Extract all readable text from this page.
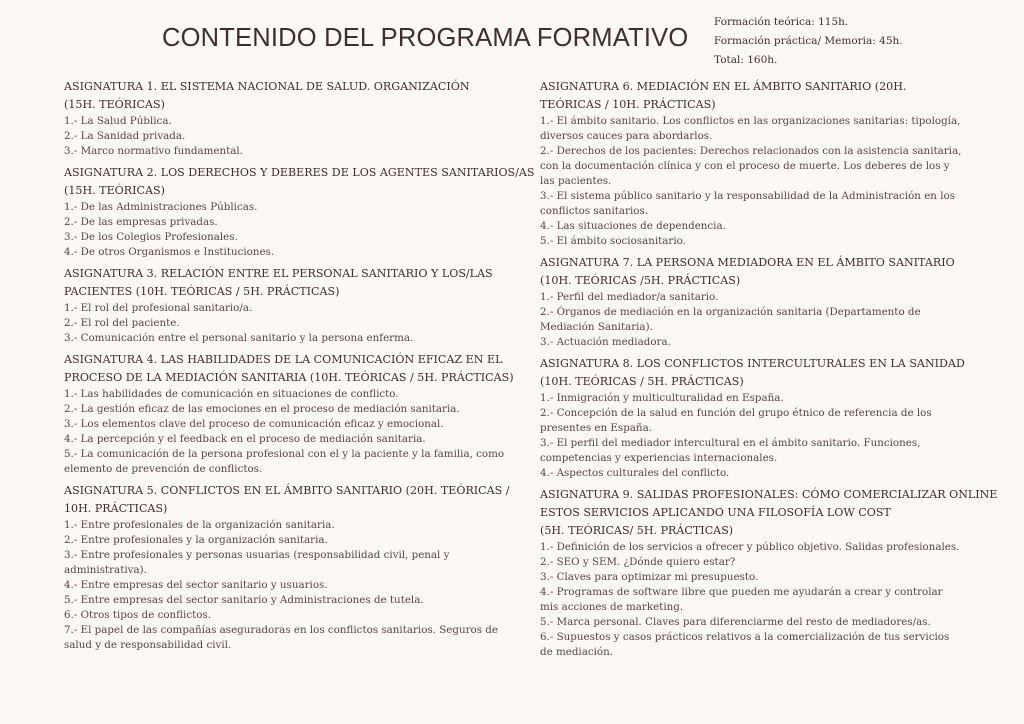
CONTENIDO DEL PROGRAMA FORMATIVO
Formación teórica: 115h.
Formación práctica/ Memoria: 45h.
Total: 160h.
ASIGNATURA 1. EL SISTEMA NACIONAL DE SALUD. ORGANIZACIÓN
(15H. TEÓRICAS)
1.- La Salud Pública.
2.- La Sanidad privada.
3.- Marco normativo fundamental.
ASIGNATURA 2. LOS DERECHOS Y DEBERES DE LOS AGENTES SANITARIOS/AS
(15H. TEÓRICAS)
1.- De las Administraciones Públicas.
2.- De las empresas privadas.
3.- De los Colegios Profesionales.
4.- De otros Organismos e Instituciones.
ASIGNATURA 3. RELACIÓN ENTRE EL PERSONAL SANITARIO Y LOS/LAS
PACIENTES (10H. TEÓRICAS / 5H. PRÁCTICAS)
1.- El rol del profesional sanitario/a.
2.- El rol del paciente.
3.- Comunicación entre el personal sanitario y la persona enferma.
ASIGNATURA 4. LAS HABILIDADES DE LA COMUNICACIÓN EFICAZ EN EL
PROCESO DE LA MEDIACIÓN SANITARIA (10H. TEÓRICAS / 5H. PRÁCTICAS)
1.- Las habilidades de comunicación en situaciones de conflicto.
2.- La gestión eficaz de las emociones en el proceso de mediación sanitaria.
3.- Los elementos clave del proceso de comunicación eficaz y emocional.
4.- La percepción y el feedback en el proceso de mediación sanitaria.
5.- La comunicación de la persona profesional con el y la paciente y la familia, como elemento de prevención de conflictos.
ASIGNATURA 5. CONFLICTOS EN EL ÁMBITO SANITARIO (20H. TEÓRICAS /
10H. PRÁCTICAS)
1.- Entre profesionales de la organización sanitaria.
2.- Entre profesionales y la organización sanitaria.
3.- Entre profesionales y personas usuarias (responsabilidad civil, penal y administrativa).
4.- Entre empresas del sector sanitario y usuarios.
5.- Entre empresas del sector sanitario y Administraciones de tutela.
6.- Otros tipos de conflictos.
7.- El papel de las compañías aseguradoras en los conflictos sanitarios. Seguros de salud y de responsabilidad civil.
ASIGNATURA 6. MEDIACIÓN EN EL ÁMBITO SANITARIO (20H.
TEÓRICAS / 10H. PRÁCTICAS)
1.- El ámbito sanitario. Los conflictos en las organizaciones sanitarias: tipología, diversos cauces para abordarlos.
2.- Derechos de los pacientes: Derechos relacionados con la asistencia sanitaria, con la documentación clínica y con el proceso de muerte. Los deberes de los y las pacientes.
3.- El sistema público sanitario y la responsabilidad de la Administración en los conflictos sanitarios.
4.- Las situaciones de dependencia.
5.- El ámbito sociosanitario.
ASIGNATURA 7. LA PERSONA MEDIADORA EN EL ÁMBITO SANITARIO
(10H. TEÓRICAS /5H. PRÁCTICAS)
1.- Perfil del mediador/a sanitario.
2.- Órganos de mediación en la organización sanitaria (Departamento de Mediación Sanitaria).
3.- Actuación mediadora.
ASIGNATURA 8. LOS CONFLICTOS INTERCULTURALES EN LA SANIDAD
(10H. TEÓRICAS / 5H. PRÁCTICAS)
1.- Inmigración y multiculturalidad en España.
2.- Concepción de la salud en función del grupo étnico de referencia de los presentes en España.
3.- El perfil del mediador intercultural en el ámbito sanitario. Funciones, competencias y experiencias internacionales.
4.- Aspectos culturales del conflicto.
ASIGNATURA 9. SALIDAS PROFESIONALES: CÓMO COMERCIALIZAR ONLINE
ESTOS SERVICIOS APLICANDO UNA FILOSOFÍA LOW COST
(5H. TEÓRICAS/ 5H. PRÁCTICAS)
1.- Definición de los servicios a ofrecer y público objetivo. Salidas profesionales.
2.- SEO y SEM. ¿Dónde quiero estar?
3.- Claves para optimizar mi presupuesto.
4.- Programas de software libre que pueden me ayudarán a crear y controlar mis acciones de marketing.
5.- Marca personal. Claves para diferenciarme del resto de mediadores/as.
6.- Supuestos y casos prácticos relativos a la comercialización de tus servicios de mediación.
